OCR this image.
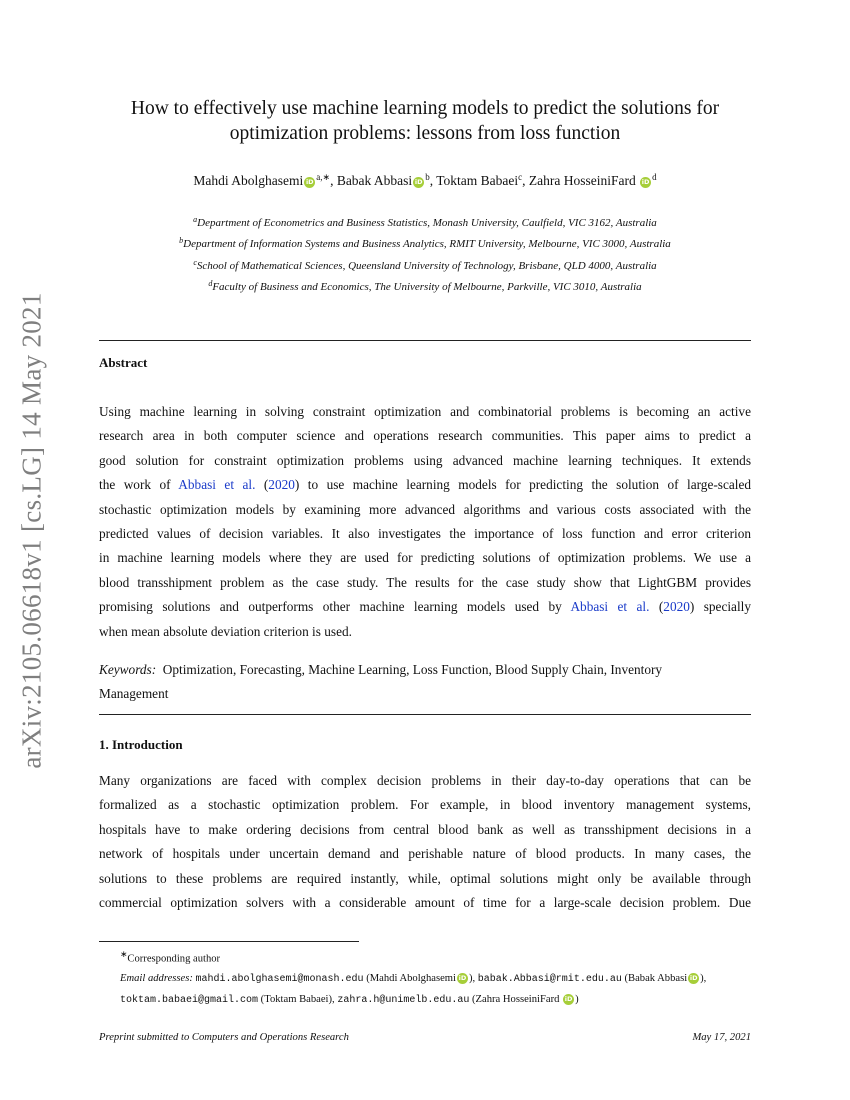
arXiv:2105.06618v1 [cs.LG] 14 May 2021
How to effectively use machine learning models to predict the solutions for
optimization problems: lessons from loss function
Mahdi Abolghasemi iD $^{a,∗}$, Babak Abbasi iD $^b$, Toktam Babaei$^c$, Zahra HosseiniFard iD $^d$
$^a$Department of Econometrics and Business Statistics, Monash University, Caulfield, VIC 3162, Australia
$^b$Department of Information Systems and Business Analytics, RMIT University, Melbourne, VIC 3000, Australia
$^c$School of Mathematical Sciences, Queensland University of Technology, Brisbane, QLD 4000, Australia
$^d$Faculty of Business and Economics, The University of Melbourne, Parkville, VIC 3010, Australia
Abstract
Using machine learning in solving constraint optimization and combinatorial problems is becoming an active
research area in both computer science and operations research communities. This paper aims to predict a
good solution for constraint optimization problems using advanced machine learning techniques. It extends
the work of Abbasi et al. (2020) to use machine learning models for predicting the solution of large-scaled
stochastic optimization models by examining more advanced algorithms and various costs associated with the
predicted values of decision variables. It also investigates the importance of loss function and error criterion
in machine learning models where they are used for predicting solutions of optimization problems. We use a
blood transshipment problem as the case study. The results for the case study show that LightGBM provides
promising solutions and outperforms other machine learning models used by Abbasi et al. (2020) specially
when mean absolute deviation criterion is used.
Keywords:  Optimization, Forecasting, Machine Learning, Loss Function, Blood Supply Chain, Inventory
Management
1. Introduction
Many organizations are faced with complex decision problems in their day-to-day operations that can be
formalized as a stochastic optimization problem. For example, in blood inventory management systems,
hospitals have to make ordering decisions from central blood bank as well as transshipment decisions in a
network of hospitals under uncertain demand and perishable nature of blood products. In many cases, the
solutions to these problems are required instantly, while, optimal solutions might only be available through
commercial optimization solvers with a considerable amount of time for a large-scale decision problem. Due
∗Corresponding author
Email addresses: mahdi.abolghasemi@monash.edu (Mahdi Abolghasemi iD ), babak.Abbasi@rmit.edu.au (Babak Abbasi iD ), toktam.babaei@gmail.com (Toktam Babaei), zahra.h@unimelb.edu.au (Zahra HosseiniFard iD )
Preprint submitted to Computers and Operations Research	May 17, 2021
